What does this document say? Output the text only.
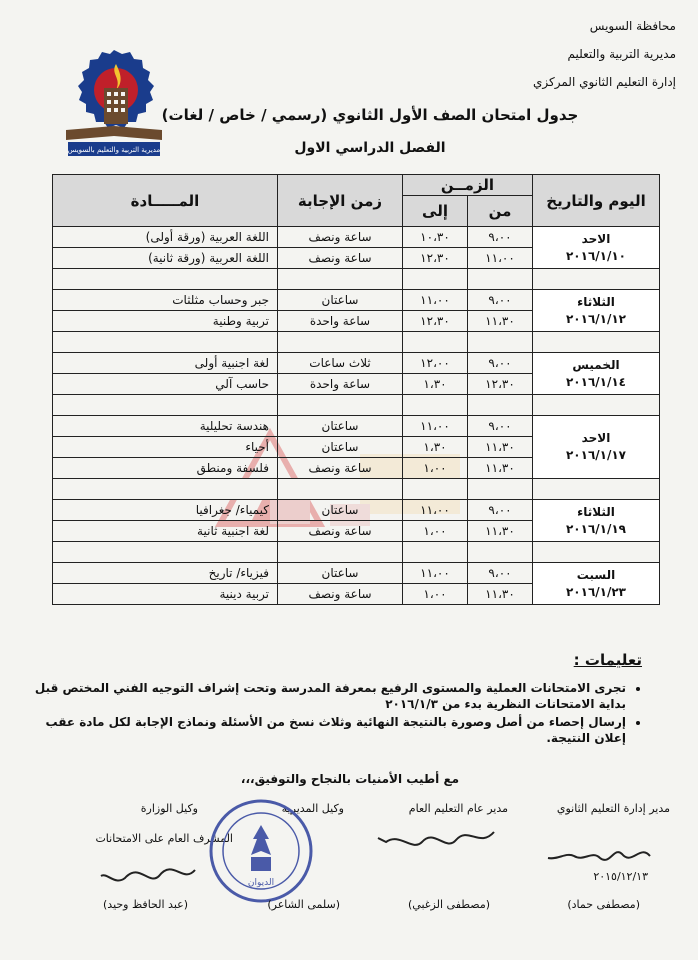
محافظة السويس
مديرية التربية والتعليم
إدارة التعليم الثانوي المركزي
مديرية التربية والتعليم بالسويس
جدول امتحان الصف الأول الثانوي (رسمي / خاص / لغات)
الفصل الدراسي الاول
اليوم والتاريخ	الزمــن		زمن الإجابة	المـــــادة
	من	إلى		

الاحد
٢٠١٦/١/١٠	٩،٠٠	١٠،٣٠	ساعة ونصف	اللغة العربية (ورقة أولى)
	١١،٠٠	١٢،٣٠	ساعة ونصف	اللغة العربية (ورقة ثانية)

الثلاثاء
٢٠١٦/١/١٢	٩،٠٠	١١،٠٠	ساعتان	جبر وحساب مثلثات
	١١،٣٠	١٢،٣٠	ساعة واحدة	تربية وطنية

الخميس
٢٠١٦/١/١٤	٩،٠٠	١٢،٠٠	ثلاث ساعات	لغة اجنبية أولى
	١٢،٣٠	١،٣٠	ساعة واحدة	حاسب آلي

الاحد
٢٠١٦/١/١٧	٩،٠٠	١١،٠٠	ساعتان	هندسة تحليلية
	١١،٣٠	١،٣٠	ساعتان	أحياء
	١١،٣٠	١،٠٠	ساعة ونصف	فلسفة ومنطق

الثلاثاء
٢٠١٦/١/١٩	٩،٠٠	١١،٠٠	ساعتان	كيمياء/ جغرافيا
	١١،٣٠	١،٠٠	ساعة ونصف	لغة اجنبية ثانية

السبت
٢٠١٦/١/٢٣	٩،٠٠	١١،٠٠	ساعتان	فيزياء/ تاريخ
	١١،٣٠	١،٠٠	ساعة ونصف	تربية دينية
تعليمات :
• تجرى الامتحانات العملية والمستوى الرفيع بمعرفة المدرسة وتحت إشراف التوجيه الفني المختص قبل بداية الامتحانات النظرية بدء من ٢٠١٦/١/٣
• إرسال إحصاء من أصل وصورة بالنتيجة النهائية وثلاث نسخ من الأسئلة ونماذج الإجابة لكل مادة عقب إعلان النتيجة.
مع أطيب الأمنيات بالنجاح والتوفيق،،،
مدير إدارة التعليم الثانوي
مدير عام التعليم العام
وكيل المديرية
وكيل الوزارة
المشرف العام على الامتحانات
٢٠١٥/١٢/١٣
الديوان
(مصطفى حماد)
(مصطفى الزغبي)
(سلمى الشاعر)
(عبد الحافظ وحيد)
